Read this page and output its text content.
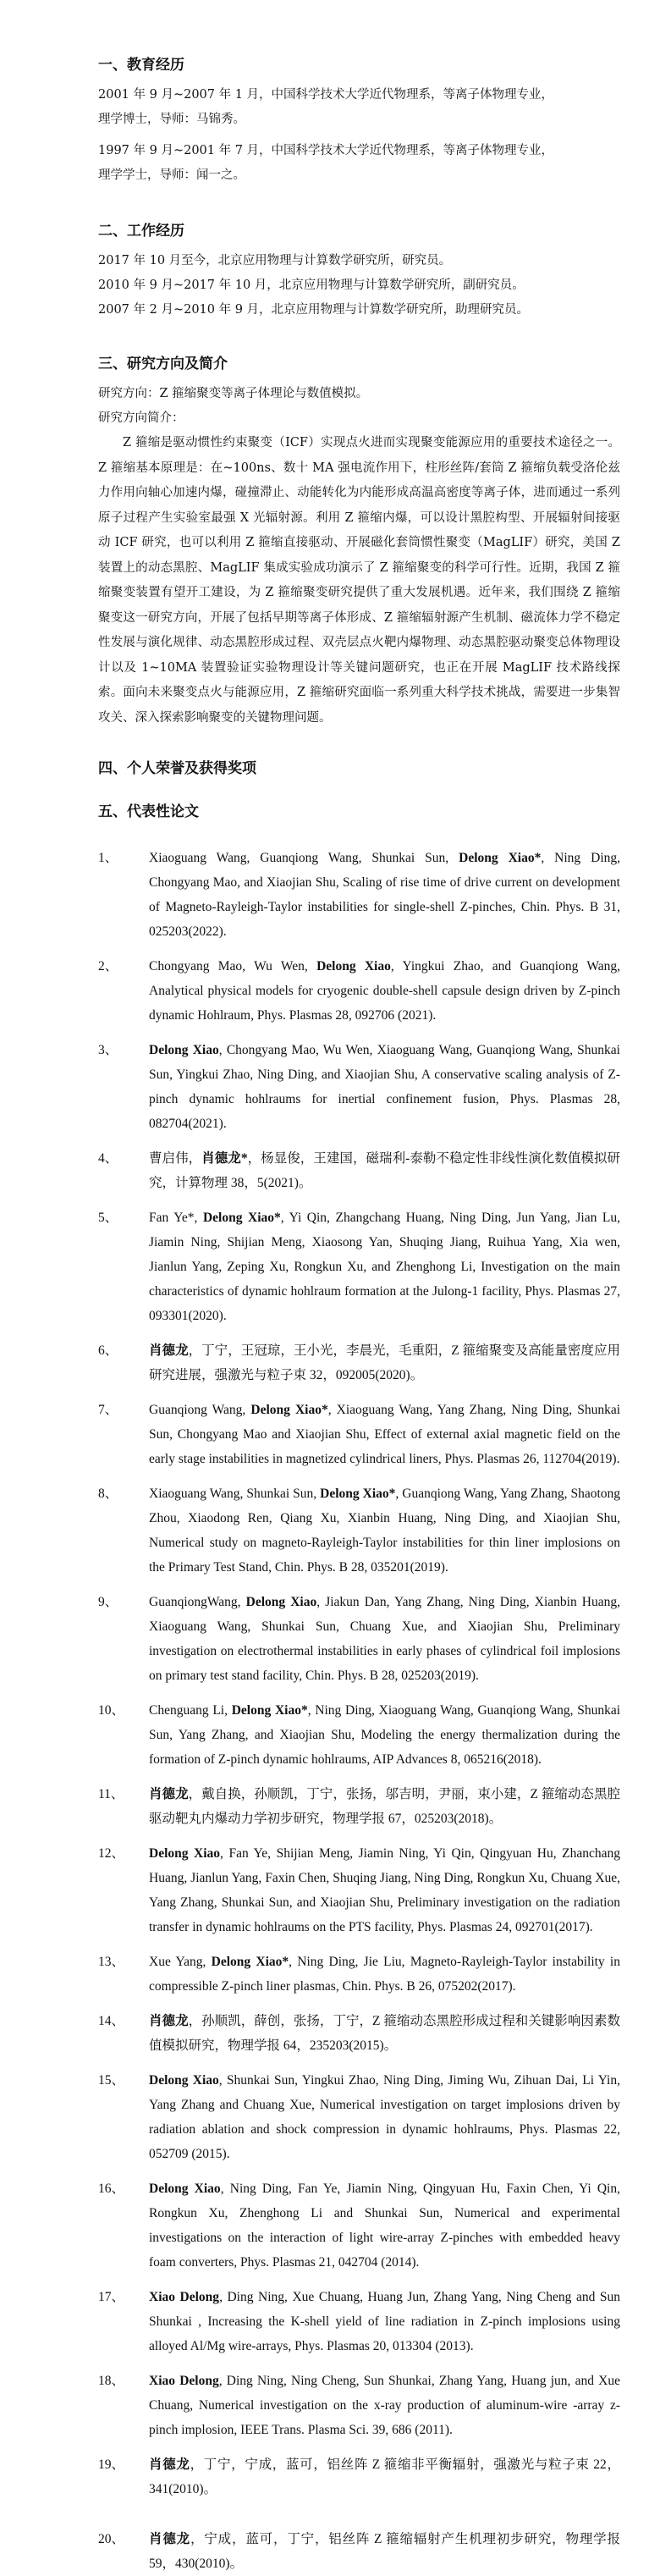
一、教育经历

2001 年 9 月~2007 年 1 月，中国科学技术大学近代物理系，等离子体物理专业，

理学博士，导师：马锦秀。

1997 年 9 月~2001 年 7 月，中国科学技术大学近代物理系，等离子体物理专业，

理学学士，导师：闻一之。

二、工作经历

2017 年 10 月至今，北京应用物理与计算数学研究所，研究员。

2010 年 9 月~2017 年 10 月，北京应用物理与计算数学研究所，副研究员。

2007 年 2 月~2010 年 9 月，北京应用物理与计算数学研究所，助理研究员。

三、研究方向及简介

研究方向：Z 箍缩聚变等离子体理论与数值模拟。

研究方向简介：

Z 箍缩是驱动惯性约束聚变（ICF）实现点火进而实现聚变能源应用的重要技术途径之一。Z 箍缩基本原理是：在~100ns、数十 MA 强电流作用下，柱形丝阵/套筒 Z 箍缩负载受洛伦兹力作用向轴心加速内爆，碰撞滞止、动能转化为内能形成高温高密度等离子体，进而通过一系列原子过程产生实验室最强 X 光辐射源。利用 Z 箍缩内爆，可以设计黑腔构型、开展辐射间接驱动 ICF 研究，也可以利用 Z 箍缩直接驱动、开展磁化套筒惯性聚变（MagLIF）研究，美国 Z 装置上的动态黑腔、MagLIF 集成实验成功演示了 Z 箍缩聚变的科学可行性。近期，我国 Z 箍缩聚变装置有望开工建设，为 Z 箍缩聚变研究提供了重大发展机遇。近年来，我们围绕 Z 箍缩聚变这一研究方向，开展了包括早期等离子体形成、Z 箍缩辐射源产生机制、磁流体力学不稳定性发展与演化规律、动态黑腔形成过程、双壳层点火靶内爆物理、动态黑腔驱动聚变总体物理设计以及 1~10MA 装置验证实验物理设计等关键问题研究，也正在开展 MagLIF 技术路线探索。面向未来聚变点火与能源应用，Z 箍缩研究面临一系列重大科学技术挑战，需要进一步集智攻关、深入探索影响聚变的关键物理问题。

四、个人荣誉及获得奖项
五、代表性论文
1、	Xiaoguang Wang, Guanqiong Wang, Shunkai Sun, Delong Xiao*, Ning Ding, Chongyang Mao, and Xiaojian Shu, Scaling of rise time of drive current on development of Magneto-Rayleigh-Taylor instabilities for single-shell Z-pinches, Chin. Phys. B 31, 025203(2022).
2、	Chongyang Mao, Wu Wen, Delong Xiao, Yingkui Zhao, and Guanqiong Wang, Analytical physical models for cryogenic double-shell capsule design driven by Z-pinch dynamic Hohlraum, Phys. Plasmas 28, 092706 (2021).
3、	Delong Xiao, Chongyang Mao, Wu Wen, Xiaoguang Wang, Guanqiong Wang, Shunkai Sun, Yingkui Zhao, Ning Ding, and Xiaojian Shu, A conservative scaling analysis of Z-pinch dynamic hohlraums for inertial confinement fusion, Phys. Plasmas 28, 082704(2021).
4、	曹启伟，肖德龙*，杨显俊，王建国，磁瑞利-泰勒不稳定性非线性演化数值模拟研究，计算物理 38，5(2021)。
5、	Fan Ye*, Delong Xiao*, Yi Qin, Zhangchang Huang, Ning Ding, Jun Yang, Jian Lu, Jiamin Ning, Shijian Meng, Xiaosong Yan, Shuqing Jiang, Ruihua Yang, Xia wen, Jianlun Yang, Zeping Xu, Rongkun Xu, and Zhenghong Li, Investigation on the main characteristics of dynamic hohlraum formation at the Julong-1 facility, Phys. Plasmas 27, 093301(2020).
6、	肖德龙，丁宁，王冠琼，王小光，李晨光，毛重阳，Z 箍缩聚变及高能量密度应用研究进展，强激光与粒子束 32，092005(2020)。
7、	Guanqiong Wang, Delong Xiao*, Xiaoguang Wang, Yang Zhang, Ning Ding, Shunkai Sun, Chongyang Mao and Xiaojian Shu, Effect of external axial magnetic field on the early stage instabilities in magnetized cylindrical liners, Phys. Plasmas 26, 112704(2019).
8、	Xiaoguang Wang, Shunkai Sun, Delong Xiao*, Guanqiong Wang, Yang Zhang, Shaotong Zhou, Xiaodong Ren, Qiang Xu, Xianbin Huang, Ning Ding, and Xiaojian Shu, Numerical study on magneto-Rayleigh-Taylor instabilities for thin liner implosions on the Primary Test Stand, Chin. Phys. B 28, 035201(2019).
9、	GuanqiongWang, Delong Xiao, Jiakun Dan, Yang Zhang, Ning Ding, Xianbin Huang, Xiaoguang Wang, Shunkai Sun, Chuang Xue, and Xiaojian Shu, Preliminary investigation on electrothermal instabilities in early phases of cylindrical foil implosions on primary test stand facility, Chin. Phys. B 28, 025203(2019).
10、	Chenguang Li, Delong Xiao*, Ning Ding, Xiaoguang Wang, Guanqiong Wang, Shunkai Sun, Yang Zhang, and Xiaojian Shu, Modeling the energy thermalization during the formation of Z-pinch dynamic hohlraums, AIP Advances 8, 065216(2018).
11、	肖德龙，戴自换，孙顺凯，丁宁，张扬，邬吉明，尹丽，束小建，Z 箍缩动态黑腔驱动靶丸内爆动力学初步研究，物理学报 67，025203(2018)。
12、	Delong Xiao, Fan Ye, Shijian Meng, Jiamin Ning, Yi Qin, Qingyuan Hu, Zhanchang Huang, Jianlun Yang, Faxin Chen, Shuqing Jiang, Ning Ding, Rongkun Xu, Chuang Xue, Yang Zhang, Shunkai Sun, and Xiaojian Shu, Preliminary investigation on the radiation transfer in dynamic hohlraums on the PTS facility, Phys. Plasmas 24, 092701(2017).
13、	Xue Yang, Delong Xiao*, Ning Ding, Jie Liu, Magneto-Rayleigh-Taylor instability in compressible Z-pinch liner plasmas, Chin. Phys. B 26, 075202(2017).
14、	肖德龙，孙顺凯，薛创，张扬，丁宁，Z 箍缩动态黑腔形成过程和关键影响因素数值模拟研究，物理学报 64，235203(2015)。
15、	Delong Xiao, Shunkai Sun, Yingkui Zhao, Ning Ding, Jiming Wu, Zihuan Dai, Li Yin, Yang Zhang and Chuang Xue, Numerical investigation on target implosions driven by radiation ablation and shock compression in dynamic hohlraums, Phys. Plasmas 22, 052709 (2015).
16、	Delong Xiao, Ning Ding, Fan Ye, Jiamin Ning, Qingyuan Hu, Faxin Chen, Yi Qin, Rongkun Xu, Zhenghong Li and Shunkai Sun, Numerical and experimental investigations on the interaction of light wire-array Z-pinches with embedded heavy foam converters, Phys. Plasmas 21, 042704 (2014).
17、	Xiao Delong, Ding Ning, Xue Chuang, Huang Jun, Zhang Yang, Ning Cheng and Sun Shunkai , Increasing the K-shell yield of line radiation in Z-pinch implosions using alloyed Al/Mg wire-arrays, Phys. Plasmas 20, 013304 (2013).
18、	Xiao Delong, Ding Ning, Ning Cheng, Sun Shunkai, Zhang Yang, Huang jun, and Xue Chuang, Numerical investigation on the x-ray production of aluminum-wire -array z-pinch implosion, IEEE Trans. Plasma Sci. 39, 686 (2011).
19、	肖德龙，丁宁，宁成，蓝可，铝丝阵 Z 箍缩非平衡辐射，强激光与粒子束 22，341(2010)。
20、	肖德龙，宁成，蓝可，丁宁，铝丝阵 Z 箍缩辐射产生机理初步研究，物理学报 59，430(2010)。
